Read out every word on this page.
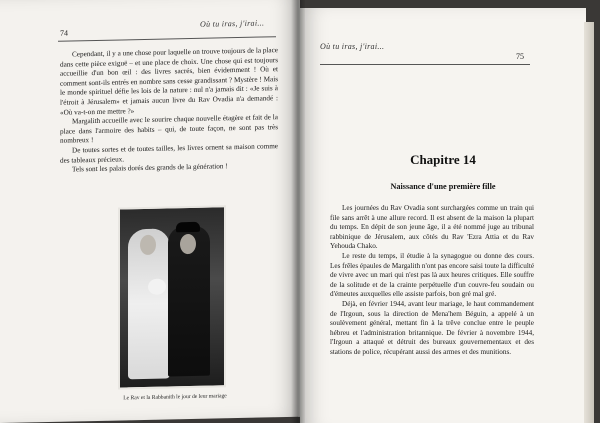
74
Où tu iras, j'irai...

Cependant, il y a une chose pour laquelle on trouve toujours de la place dans cette pièce exiguë – et une place de choix. Une chose qui est toujours accueillie d'un bon œil : des livres sacrés, bien évidemment ! Où et comment sont-ils entrés en nombre sans cesse grandissant ? Mystère ! Mais le monde spirituel défie les lois de la nature : nul n'a jamais dit : «Je suis à l'étroit à Jérusalem» et jamais aucun livre du Rav Ovadia n'a demandé : «Où va-t-on me mettre ?»

Margalith accueille avec le sourire chaque nouvelle étagère et fait de la place dans l'armoire des habits – qui, de toute façon, ne sont pas très nombreux !

De toutes sortes et de toutes tailles, les livres ornent sa maison comme des tableaux précieux.

Tels sont les palais dorés des grands de la génération !

Le Rav et la Rabbanith le jour de leur mariage
Où tu iras, j'irai...
75

Les journées du Rav Ovadia sont surchargées comme un train qui file sans arrêt à une allure record. Il est absent de la maison la plupart du temps. En dépit de son jeune âge, il a été nommé juge au tribunal rabbinique de Jérusalem, aux côtés du Rav 'Ezra Attia et du Rav Yehouda Chako.

Le reste du temps, il étudie à la synagogue ou donne des cours. Les frêles épaules de Margalith n'ont pas encore saisi toute la difficulté de vivre avec un mari qui n'est pas là aux heures critiques. Elle souffre de la solitude et de la crainte perpétuelle d'un couvre-feu soudain ou d'émeutes auxquelles elle assiste parfois, bon gré mal gré.

Déjà, en février 1944, avant leur mariage, le haut commandement de l'Irgoun, sous la direction de Mena'hem Béguin, a appelé à un soulèvement général, mettant fin à la trêve conclue entre le peuple hébreu et l'administration britannique. De février à novembre 1944, l'Irgoun a attaqué et détruit des bureaux gouvernementaux et des stations de police, récupérant aussi des armes et des munitions.

Chapitre 14
Naissance d'une première fille
